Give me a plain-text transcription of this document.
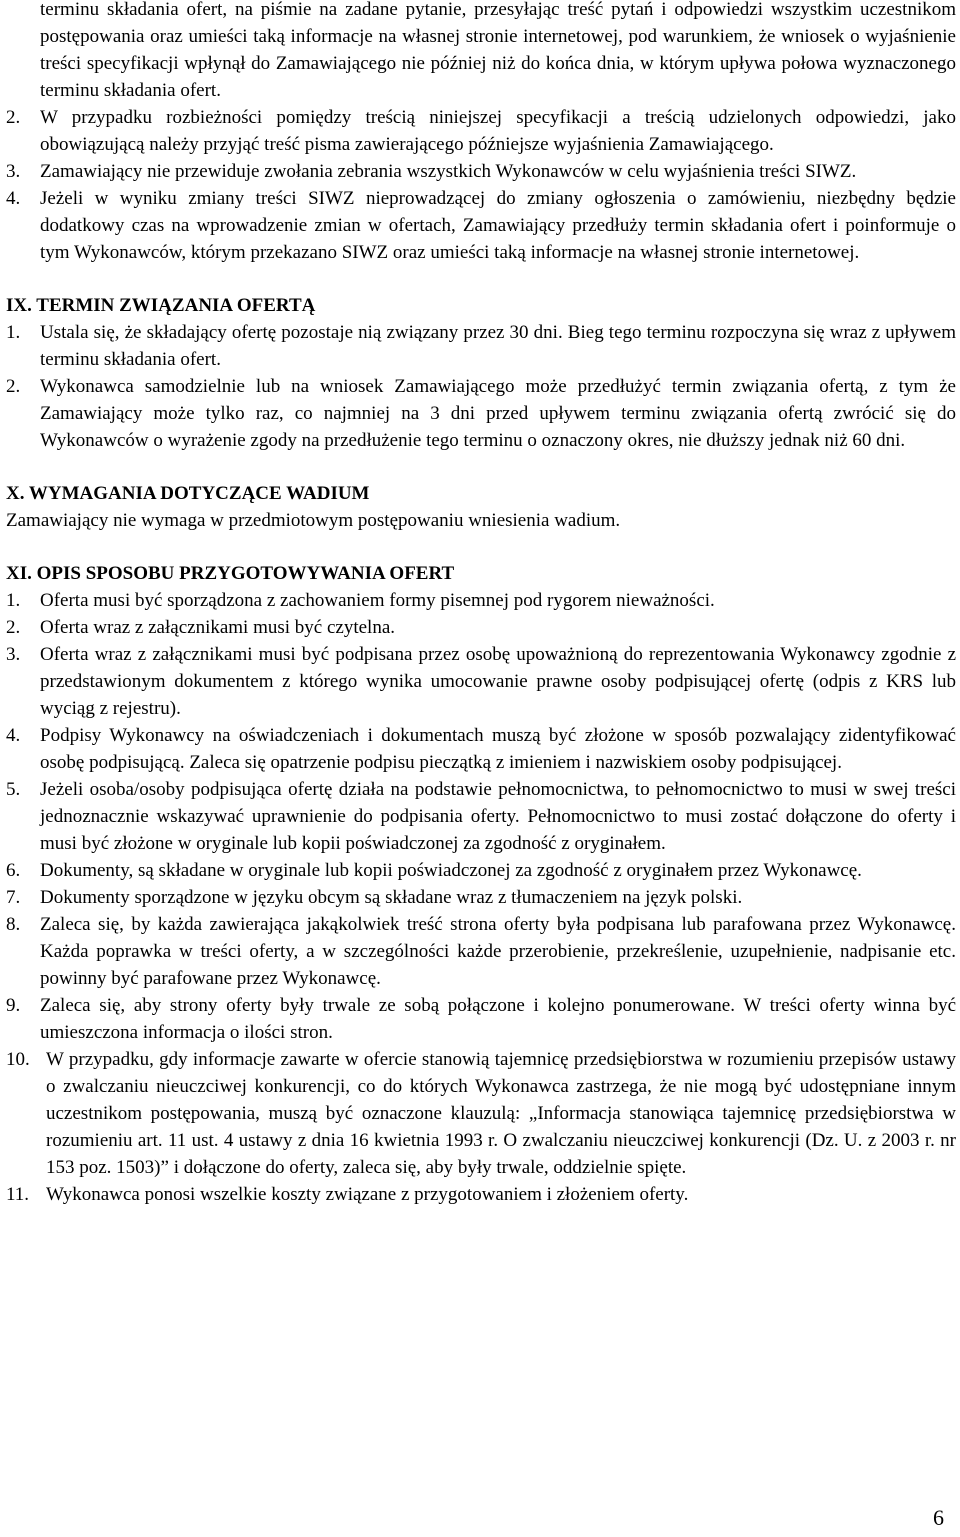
terminu składania ofert, na piśmie na zadane pytanie, przesyłając treść pytań i odpowiedzi wszystkim uczestnikom postępowania oraz umieści taką informacje na własnej stronie internetowej, pod warunkiem, że wniosek o wyjaśnienie treści specyfikacji wpłynął do Zamawiającego nie później niż do końca dnia, w którym upływa połowa wyznaczonego terminu składania ofert.

2. W przypadku rozbieżności pomiędzy treścią niniejszej specyfikacji a treścią udzielonych odpowiedzi, jako obowiązującą należy przyjąć treść pisma zawierającego późniejsze wyjaśnienia Zamawiającego.

3. Zamawiający nie przewiduje zwołania zebrania wszystkich Wykonawców w celu wyjaśnienia treści SIWZ.

4. Jeżeli w wyniku zmiany treści SIWZ nieprowadzącej do zmiany ogłoszenia o zamówieniu, niezbędny będzie dodatkowy czas na wprowadzenie zmian w ofertach, Zamawiający przedłuży termin składania ofert i poinformuje o tym Wykonawców, którym przekazano SIWZ oraz umieści taką informacje na własnej stronie internetowej.

IX. TERMIN ZWIĄZANIA OFERTĄ

1. Ustala się, że składający ofertę pozostaje nią związany przez 30 dni. Bieg tego terminu rozpoczyna się wraz z upływem terminu składania ofert.

2. Wykonawca samodzielnie lub na wniosek Zamawiającego może przedłużyć termin związania ofertą, z tym że Zamawiający może tylko raz, co najmniej na 3 dni przed upływem terminu związania ofertą zwrócić się do Wykonawców o wyrażenie zgody na przedłużenie tego terminu o oznaczony okres, nie dłuższy jednak niż 60 dni.

X. WYMAGANIA DOTYCZĄCE WADIUM

Zamawiający nie wymaga w przedmiotowym postępowaniu wniesienia wadium.

XI. OPIS SPOSOBU PRZYGOTOWYWANIA OFERT

1. Oferta musi być sporządzona z zachowaniem formy pisemnej pod rygorem nieważności.

2. Oferta wraz z załącznikami musi być czytelna.

3. Oferta wraz z załącznikami musi być podpisana przez osobę upoważnioną do reprezentowania Wykonawcy zgodnie z przedstawionym dokumentem z którego wynika umocowanie prawne osoby podpisującej ofertę (odpis z KRS lub wyciąg z rejestru).

4. Podpisy Wykonawcy na oświadczeniach i dokumentach muszą być złożone w sposób pozwalający zidentyfikować osobę podpisującą. Zaleca się opatrzenie podpisu pieczątką z imieniem i nazwiskiem osoby podpisującej.

5. Jeżeli osoba/osoby podpisująca ofertę działa na podstawie pełnomocnictwa, to pełnomocnictwo to musi w swej treści jednoznacznie wskazywać uprawnienie do podpisania oferty. Pełnomocnictwo to musi zostać dołączone do oferty i musi być złożone w oryginale lub kopii poświadczonej za zgodność z oryginałem.

6. Dokumenty, są składane w oryginale lub kopii poświadczonej za zgodność z oryginałem przez Wykonawcę.

7. Dokumenty sporządzone w języku obcym są składane wraz z tłumaczeniem na język polski.

8. Zaleca się, by każda zawierająca jakąkolwiek treść strona oferty była podpisana lub parafowana przez Wykonawcę. Każda poprawka w treści oferty, a w szczególności każde przerobienie, przekreślenie, uzupełnienie, nadpisanie etc. powinny być parafowane przez Wykonawcę.

9. Zaleca się, aby strony oferty były trwale ze sobą połączone i kolejno ponumerowane. W treści oferty winna być umieszczona informacja o ilości stron.

10. W przypadku, gdy informacje zawarte w ofercie stanowią tajemnicę przedsiębiorstwa w rozumieniu przepisów ustawy o zwalczaniu nieuczciwej konkurencji, co do których Wykonawca zastrzega, że nie mogą być udostępniane innym uczestnikom postępowania, muszą być oznaczone klauzulą: „Informacja stanowiąca tajemnicę przedsiębiorstwa w rozumieniu art. 11 ust. 4 ustawy z dnia 16 kwietnia 1993 r. O zwalczaniu nieuczciwej konkurencji (Dz. U. z 2003 r. nr 153 poz. 1503)” i dołączone do oferty, zaleca się, aby były trwale, oddzielnie spięte.

11. Wykonawca ponosi wszelkie koszty związane z przygotowaniem i złożeniem oferty.

6
